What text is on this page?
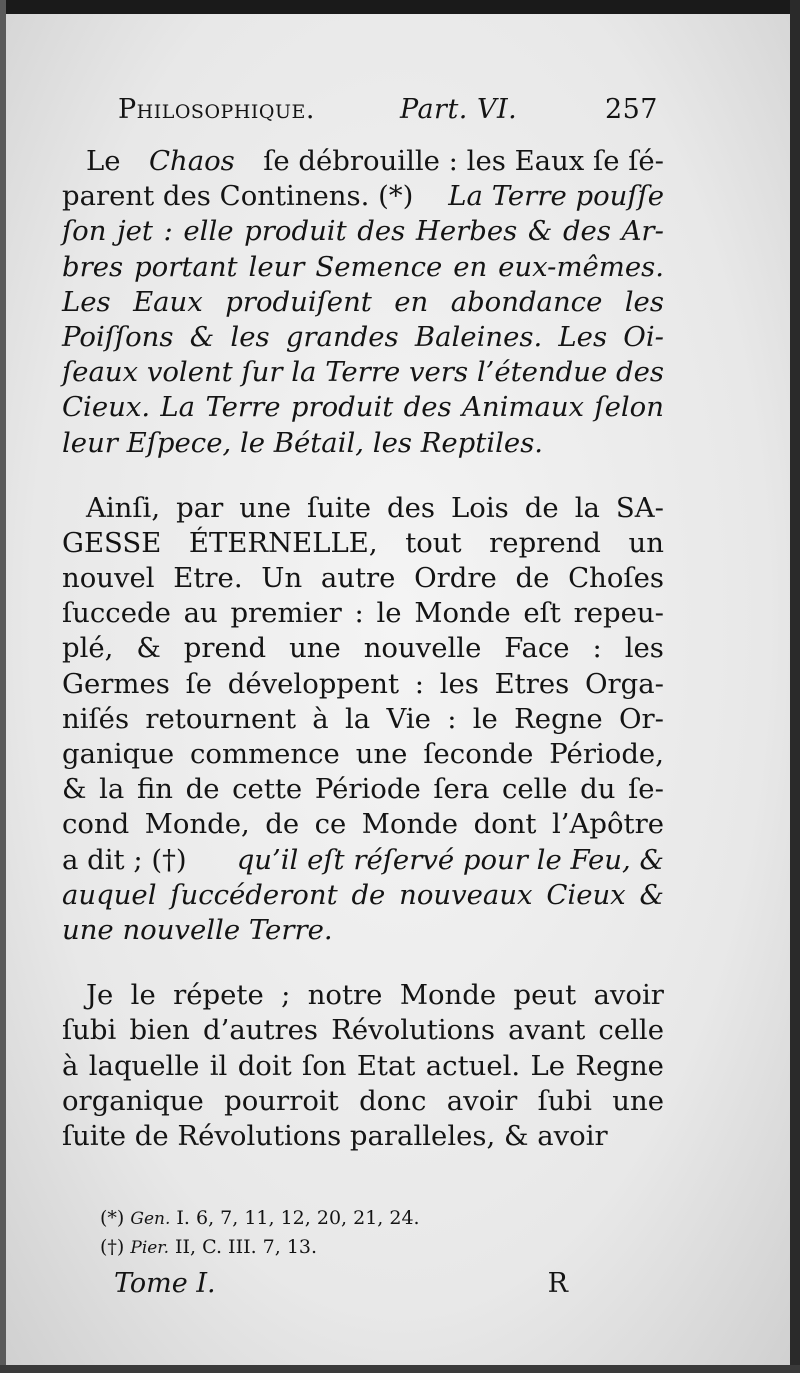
Philosophique.	Part. VI.	257
Le Chaos ſe débrouille : les Eaux ſe ſé-
parent des Continens. (*) La Terre pouſſe
ſon jet : elle produit des Herbes & des Ar-
bres portant leur Semence en eux-mêmes.
Les Eaux produiſent en abondance les
Poiſſons & les grandes Baleines. Les Oi-
ſeaux volent ſur la Terre vers l’étendue des
Cieux. La Terre produit des Animaux ſelon
leur Eſpece, le Bétail, les Reptiles.
Ainſi, par une ſuite des Lois de la SA-
GESSE ÉTERNELLE, tout reprend un
nouvel Etre. Un autre Ordre de Choſes
ſuccede au premier : le Monde eſt repeu-
plé, & prend une nouvelle Face : les
Germes ſe développent : les Etres Orga-
niſés retournent à la Vie : le Regne Or-
ganique commence une ſeconde Période,
& la fin de cette Période ſera celle du ſe-
cond Monde, de ce Monde dont l’Apôtre
a dit ; (†) qu’il eſt réſervé pour le Feu, &
auquel ſuccéderont de nouveaux Cieux &
une nouvelle Terre.
Je le répete ; notre Monde peut avoir
ſubi bien d’autres Révolutions avant celle
à laquelle il doit ſon Etat actuel. Le Regne
organique pourroit donc avoir ſubi une
ſuite de Révolutions paralleles, & avoir
(*) Gen. I. 6, 7, 11, 12, 20, 21, 24.
(†) Pier. II, C. III. 7, 13.
Tome I.	R
